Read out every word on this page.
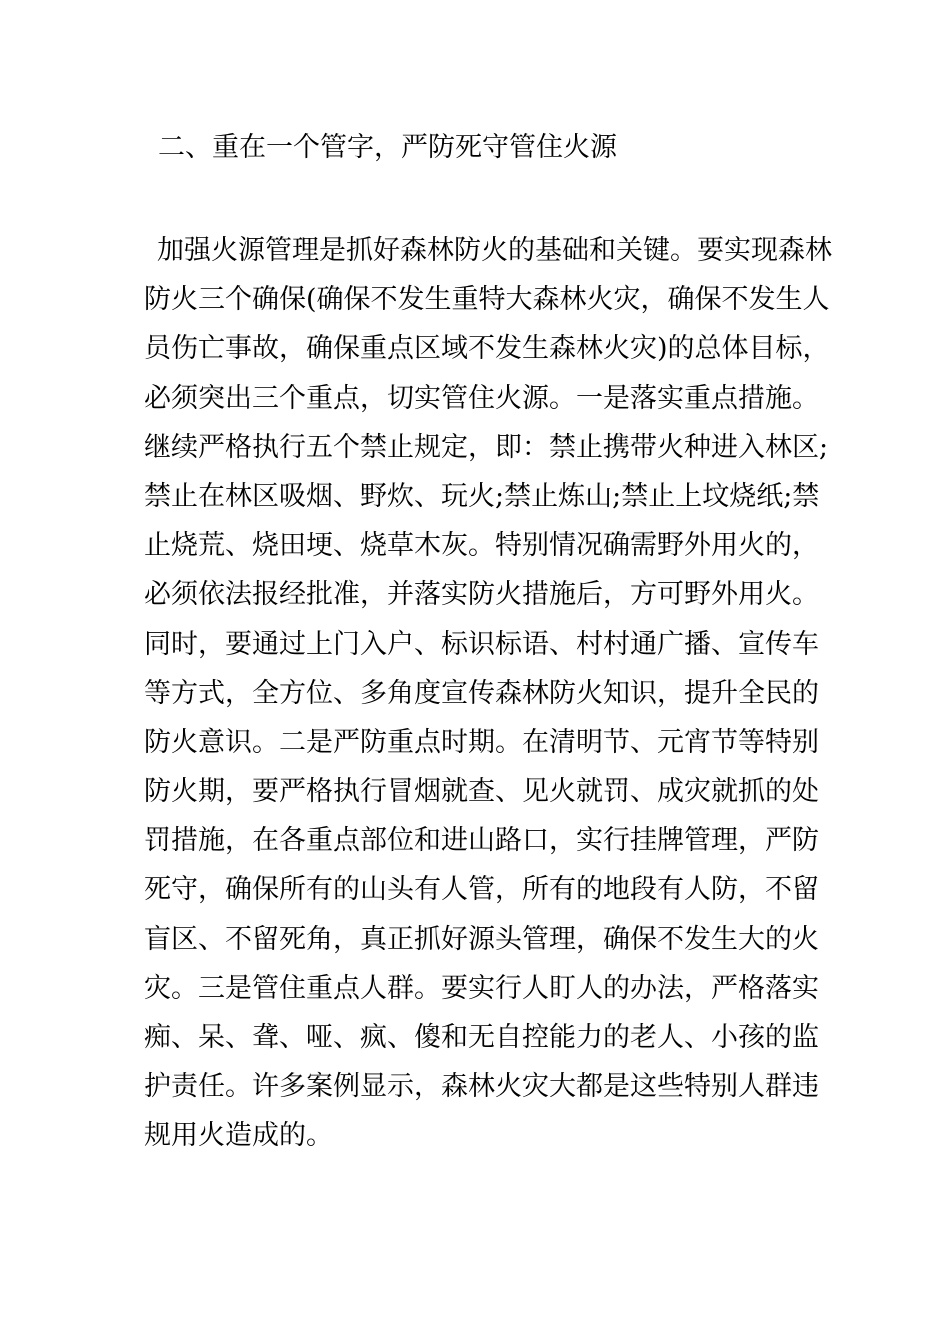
二、重在一个管字，严防死守管住火源
加强火源管理是抓好森林防火的基础和关键。要实现森林
防火三个确保(确保不发生重特大森林火灾，确保不发生人
员伤亡事故，确保重点区域不发生森林火灾)的总体目标，
必须突出三个重点，切实管住火源。一是落实重点措施。
继续严格执行五个禁止规定，即：禁止携带火种进入林区;
禁止在林区吸烟、野炊、玩火;禁止炼山;禁止上坟烧纸;禁
止烧荒、烧田埂、烧草木灰。特别情况确需野外用火的，
必须依法报经批准，并落实防火措施后，方可野外用火。
同时，要通过上门入户、标识标语、村村通广播、宣传车
等方式，全方位、多角度宣传森林防火知识，提升全民的
防火意识。二是严防重点时期。在清明节、元宵节等特别
防火期，要严格执行冒烟就查、见火就罚、成灾就抓的处
罚措施，在各重点部位和进山路口，实行挂牌管理，严防
死守，确保所有的山头有人管，所有的地段有人防，不留
盲区、不留死角，真正抓好源头管理，确保不发生大的火
灾。三是管住重点人群。要实行人盯人的办法，严格落实
痴、呆、聋、哑、疯、傻和无自控能力的老人、小孩的监
护责任。许多案例显示，森林火灾大都是这些特别人群违
规用火造成的。
